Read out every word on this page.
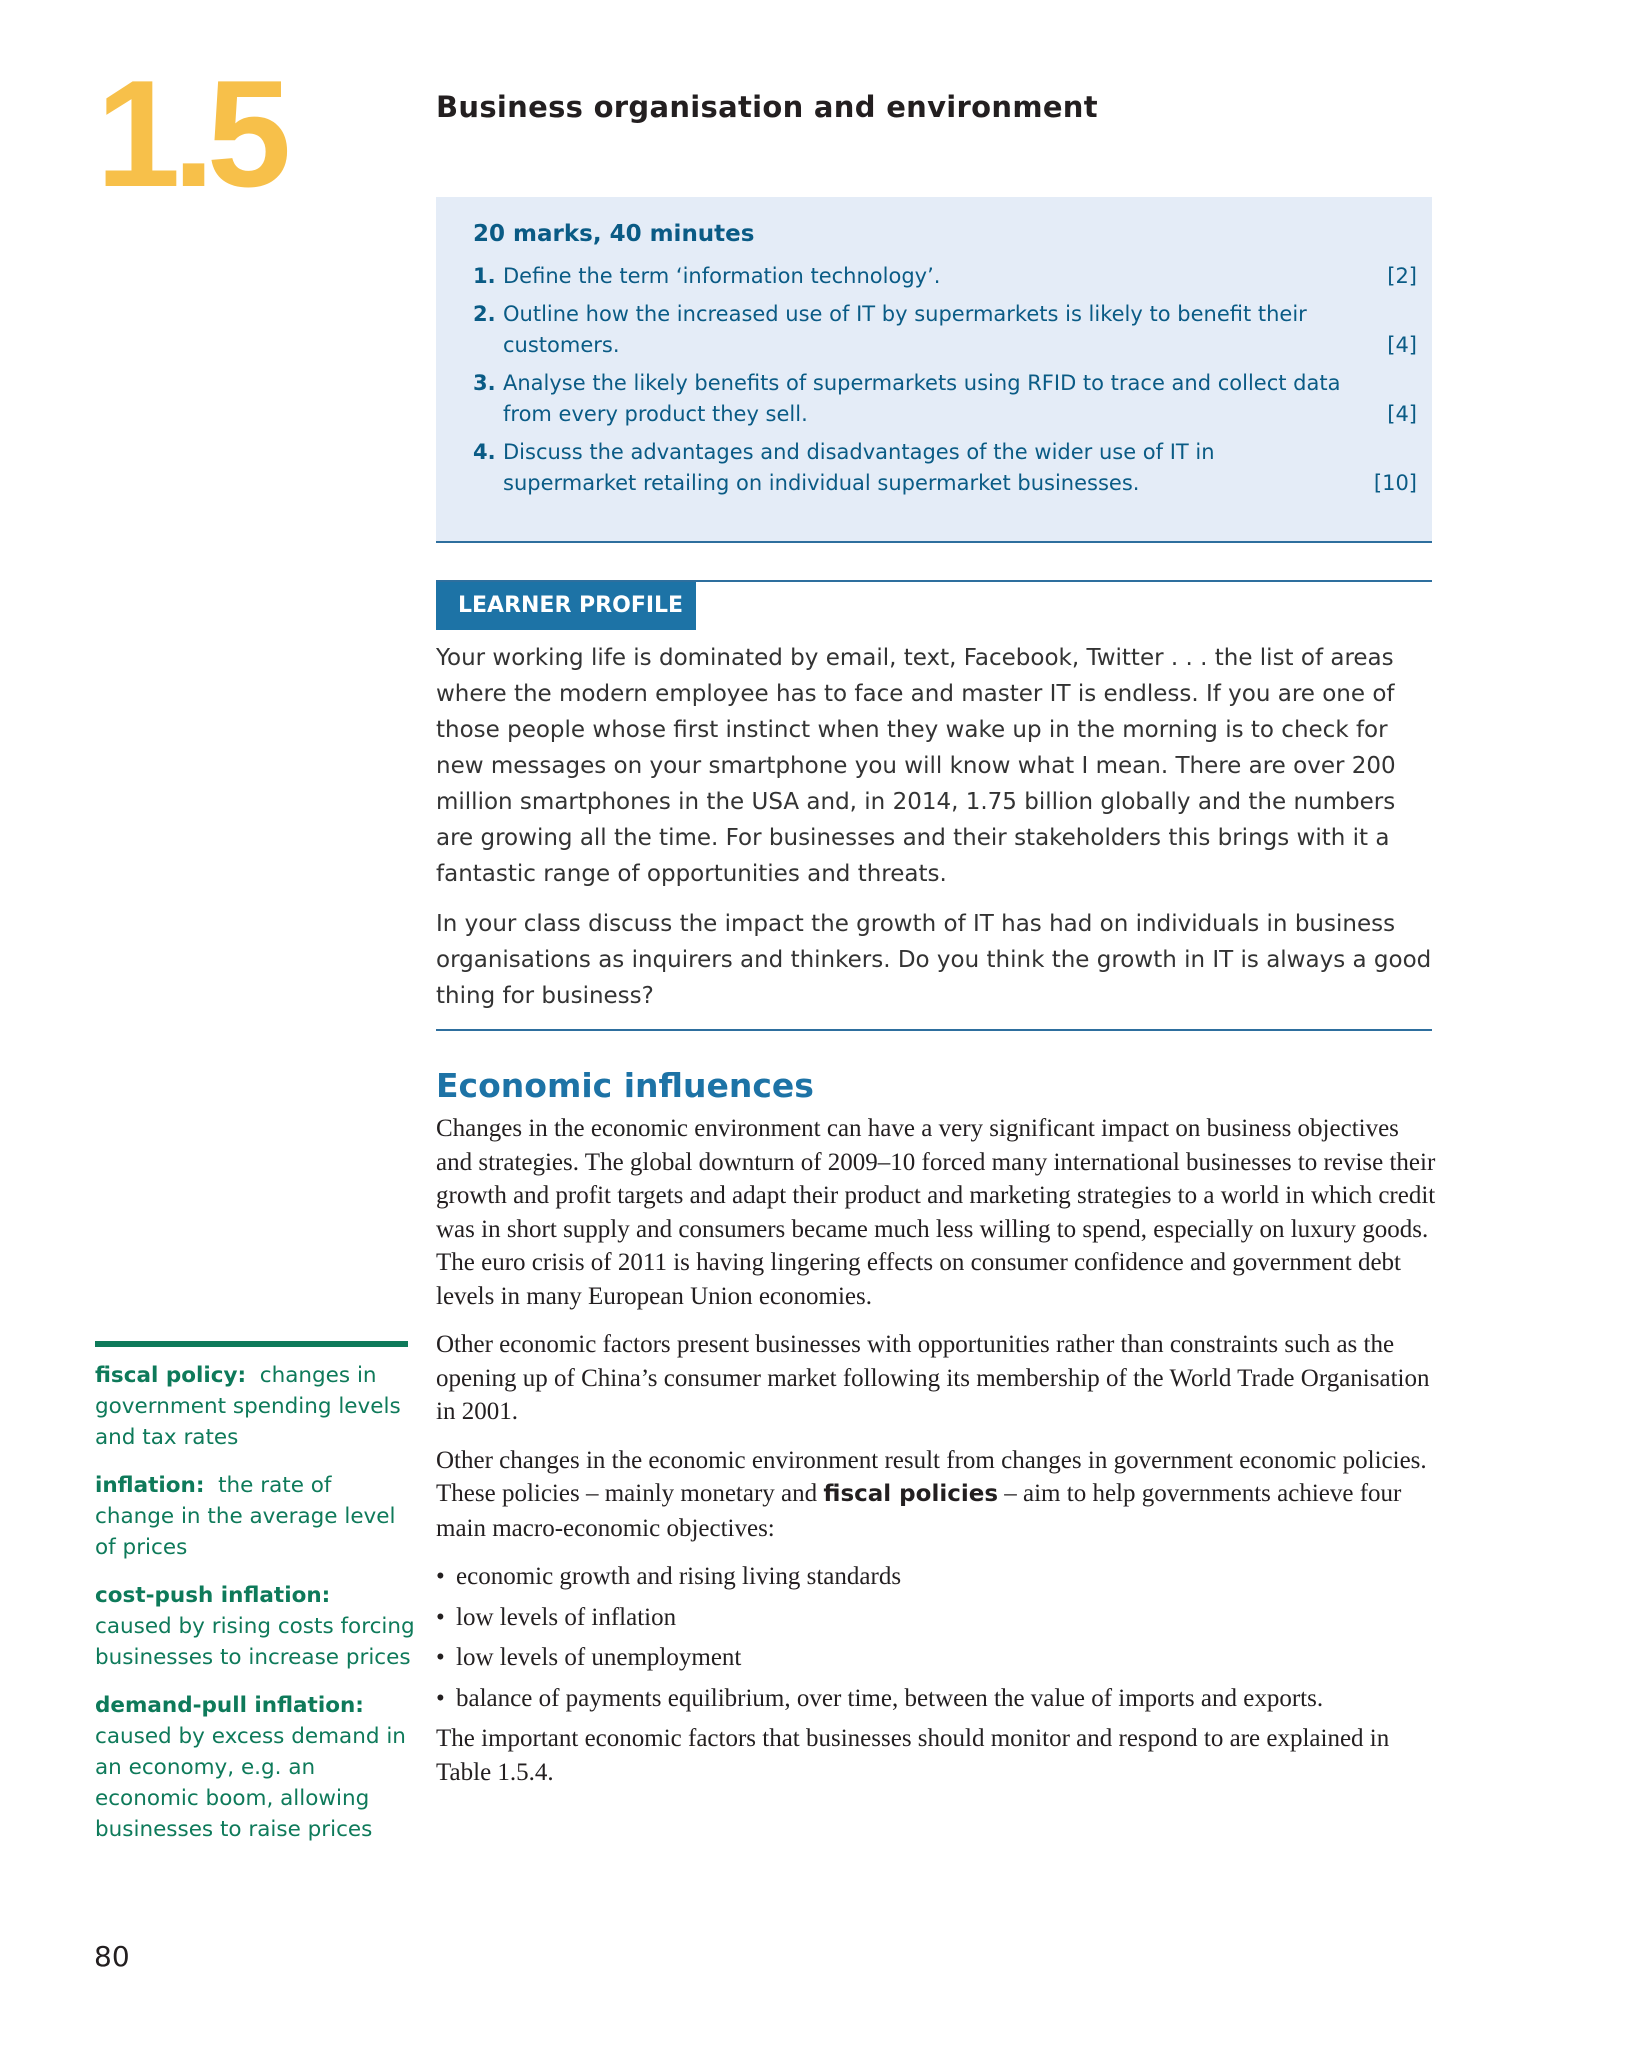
1.5	Business organisation and environment
20 marks, 40 minutes
1. Define the term ‘information technology’.	[2]
2. Outline how the increased use of IT by supermarkets is likely to benefit their customers.	[4]
3. Analyse the likely benefits of supermarkets using RFID to trace and collect data from every product they sell.	[4]
4. Discuss the advantages and disadvantages of the wider use of IT in supermarket retailing on individual supermarket businesses.	[10]
LEARNER PROFILE

Your working life is dominated by email, text, Facebook, Twitter . . . the list of areas where the modern employee has to face and master IT is endless. If you are one of those people whose first instinct when they wake up in the morning is to check for new messages on your smartphone you will know what I mean. There are over 200 million smartphones in the USA and, in 2014, 1.75 billion globally and the numbers are growing all the time. For businesses and their stakeholders this brings with it a fantastic range of opportunities and threats.

In your class discuss the impact the growth of IT has had on individuals in business organisations as inquirers and thinkers. Do you think the growth in IT is always a good thing for business?

Economic influences

Changes in the economic environment can have a very significant impact on business objectives and strategies. The global downturn of 2009–10 forced many international businesses to revise their growth and profit targets and adapt their product and marketing strategies to a world in which credit was in short supply and consumers became much less willing to spend, especially on luxury goods. The euro crisis of 2011 is having lingering effects on consumer confidence and government debt levels in many European Union economies.

Other economic factors present businesses with opportunities rather than constraints such as the opening up of China’s consumer market following its membership of the World Trade Organisation in 2001.

Other changes in the economic environment result from changes in government economic policies. These policies – mainly monetary and fiscal policies – aim to help governments achieve four main macro-economic objectives:

• economic growth and rising living standards
• low levels of inflation
• low levels of unemployment
• balance of payments equilibrium, over time, between the value of imports and exports.

The important economic factors that businesses should monitor and respond to are explained in Table 1.5.4.

fiscal policy: changes in government spending levels and tax rates
inflation: the rate of change in the average level of prices
cost-push inflation:  caused by rising costs forcing businesses to increase prices
demand-pull inflation:
caused by excess demand in an economy, e.g. an economic boom, allowing businesses to raise prices
80
